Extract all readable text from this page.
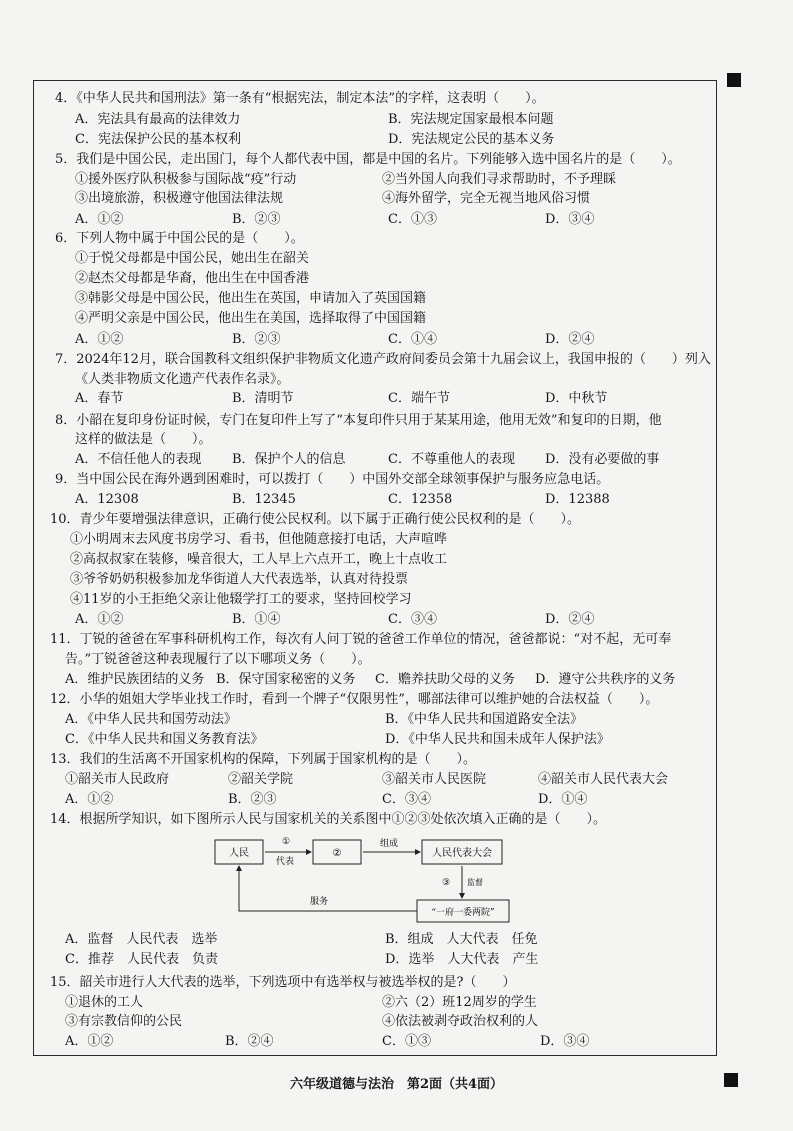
4．《中华人民共和国刑法》第一条有“根据宪法，制定本法”的字样，这表明（　　）。
A．宪法具有最高的法律效力	B．宪法规定国家最根本问题
C．宪法保护公民的基本权利	D．宪法规定公民的基本义务
5．我们是中国公民，走出国门，每个人都代表中国，都是中国的名片。下列能够入选中国名片的是（　　）。
①援外医疗队积极参与国际战“疫”行动	②当外国人向我们寻求帮助时，不予理睬
③出境旅游，积极遵守他国法律法规	④海外留学，完全无视当地风俗习惯
A．①②	B．②③	C．①③	D．③④
6．下列人物中属于中国公民的是（　　）。
①于悦父母都是中国公民，她出生在韶关
②赵杰父母都是华裔，他出生在中国香港
③韩影父母是中国公民，他出生在英国，申请加入了英国国籍
④严明父亲是中国公民，他出生在美国，选择取得了中国国籍
A．①②	B．②③	C．①④	D．②④
7．2024年12月，联合国教科文组织保护非物质文化遗产政府间委员会第十九届会议上，我国申报的（　　）列入
《人类非物质文化遗产代表作名录》。
A．春节	B．清明节	C．端午节	D．中秋节
8．小韶在复印身份证时候，专门在复印件上写了“本复印件只用于某某用途，他用无效”和复印的日期，他
这样的做法是（　　）。
A．不信任他人的表现 B．保护个人的信息	C．不尊重他人的表现 D．没有必要做的事
9．当中国公民在海外遇到困难时，可以拨打（　　）中国外交部全球领事保护与服务应急电话。
A．12308	B．12345	C．12358	D．12388
10．青少年要增强法律意识，正确行使公民权利。以下属于正确行使公民权利的是（　　）。
①小明周末去风度书房学习、看书，但他随意接打电话，大声喧哗
②高叔叔家在装修，噪音很大，工人早上六点开工，晚上十点收工
③爷爷奶奶积极参加龙华街道人大代表选举，认真对待投票
④11岁的小王拒绝父亲让他辍学打工的要求，坚持回校学习
A．①②	B．①④	C．③④	D．②④
11．丁锐的爸爸在军事科研机构工作，每次有人问丁锐的爸爸工作单位的情况，爸爸都说：“对不起，无可奉
告。”丁锐爸爸这种表现履行了以下哪项义务（　　）。
A．维护民族团结的义务 B．保守国家秘密的义务 C．赡养扶助父母的义务 D．遵守公共秩序的义务
12．小华的姐姐大学毕业找工作时，看到一个牌子“仅限男性”，哪部法律可以维护她的合法权益（　　）。
A．《中华人民共和国劳动法》	B．《中华人民共和国道路安全法》
C．《中华人民共和国义务教育法》	D．《中华人民共和国未成年人保护法》
13．我们的生活离不开国家机构的保障，下列属于国家机构的是（　　）。
①韶关市人民政府	②韶关学院	③韶关市人民医院	④韶关市人民代表大会
A．①②	B．②③	C．③④	D．①④
14．根据所学知识，如下图所示人民与国家机关的关系图中①②③处依次填入正确的是（　　）。
人民	②	人民代表大会
“一府一委两院”
①
代表
组成
③ 监督
服务
A．监督　人民代表　选举	B．组成　人大代表　任免
C．推荐　人民代表　负责	D．选举　人大代表　产生
15．韶关市进行人大代表的选举，下列选项中有选举权与被选举权的是?（　　）
①退休的工人	②六（2）班12周岁的学生
③有宗教信仰的公民	④依法被剥夺政治权利的人
A．①②	B．②④	C．①③	D．③④
六年级道德与法治　第2面（共4面）
